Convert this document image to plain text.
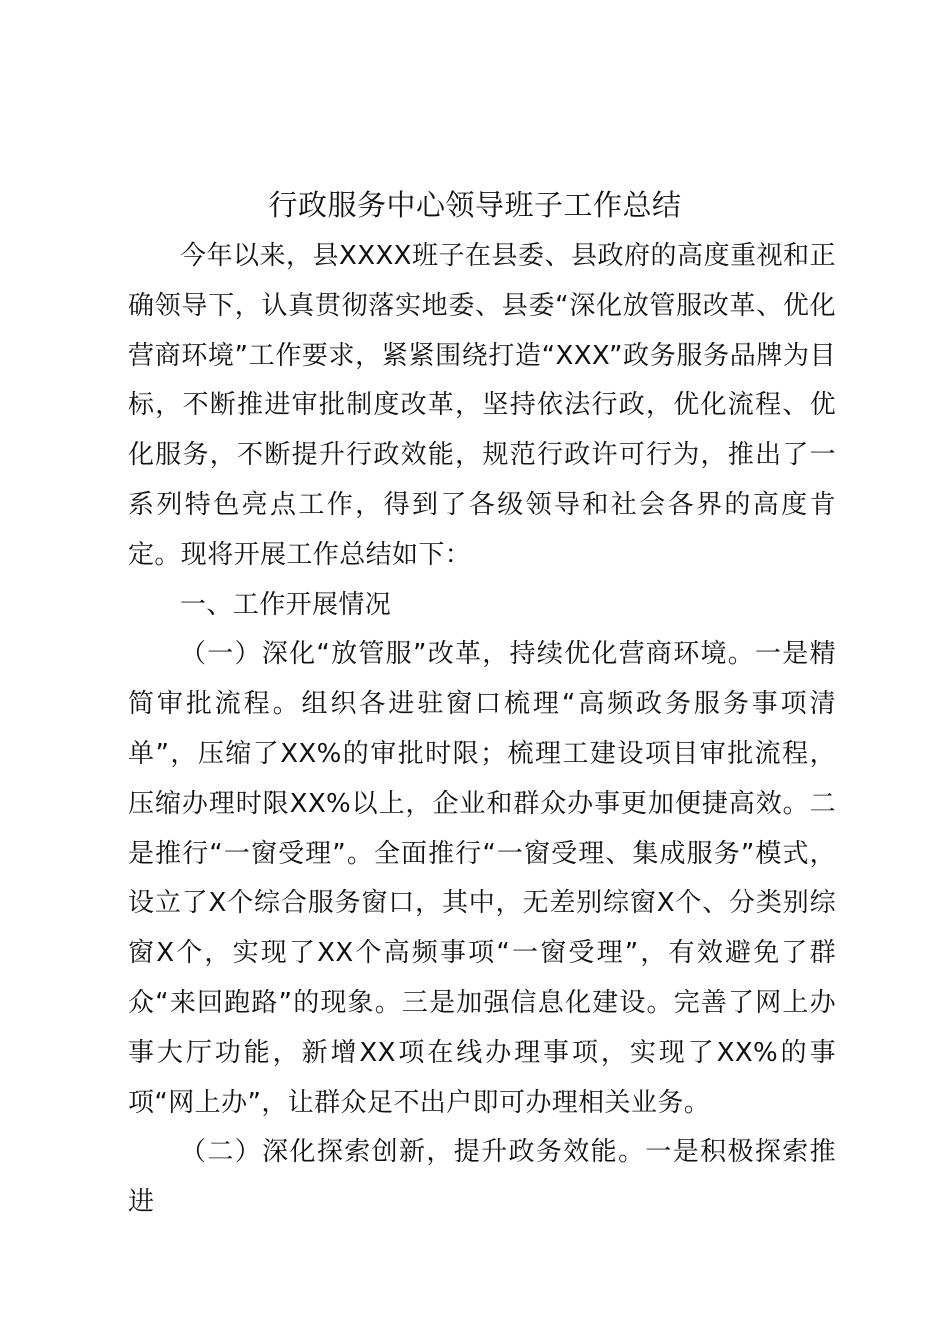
行政服务中心领导班子工作总结

今年以来，县XXXX班子在县委、县政府的高度重视和正确领导下，认真贯彻落实地委、县委“深化放管服改革、优化营商环境”工作要求，紧紧围绕打造“XXX”政务服务品牌为目标，不断推进审批制度改革，坚持依法行政，优化流程、优化服务，不断提升行政效能，规范行政许可行为，推出了一系列特色亮点工作，得到了各级领导和社会各界的高度肯定。现将开展工作总结如下：

一、工作开展情况

（一）深化“放管服”改革，持续优化营商环境。一是精简审批流程。组织各进驻窗口梳理“高频政务服务事项清单”，压缩了XX%的审批时限；梳理工建设项目审批流程，压缩办理时限XX%以上，企业和群众办事更加便捷高效。二是推行“一窗受理”。全面推行“一窗受理、集成服务”模式，设立了X个综合服务窗口，其中，无差别综窗X个、分类别综窗X个，实现了XX个高频事项“一窗受理”，有效避免了群众“来回跑路”的现象。三是加强信息化建设。完善了网上办事大厅功能，新增XX项在线办理事项，实现了XX%的事项“网上办”，让群众足不出户即可办理相关业务。

（二）深化探索创新，提升政务效能。一是积极探索推进
